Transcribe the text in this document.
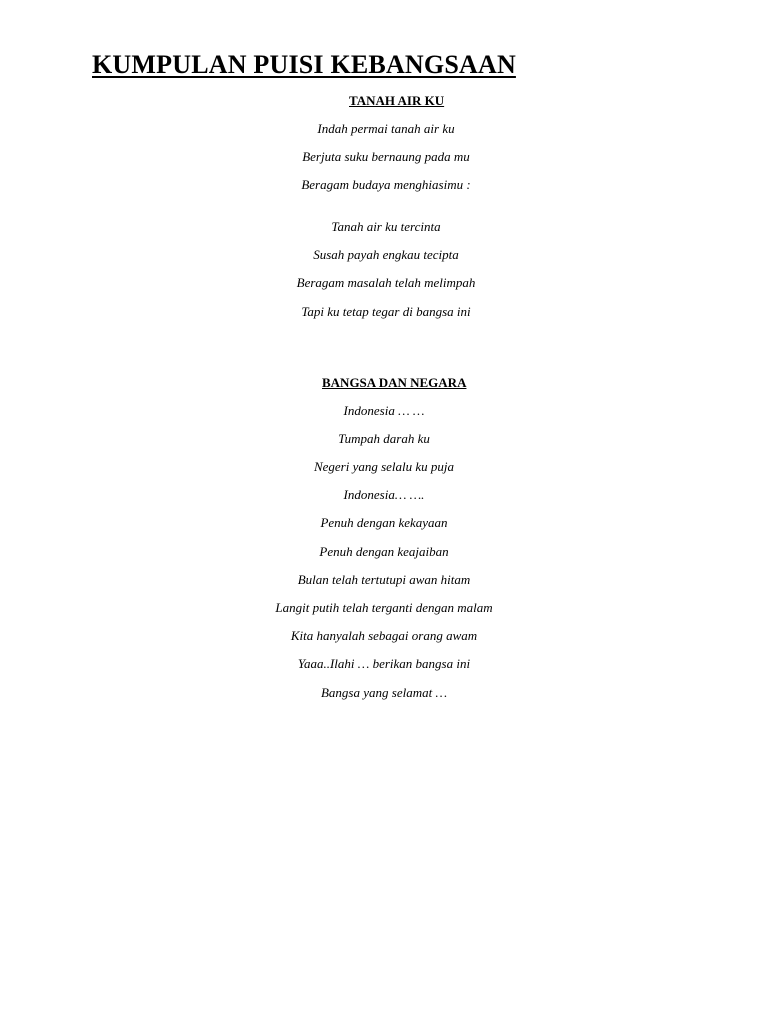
KUMPULAN PUISI KEBANGSAAN
TANAH AIR KU

Indah permai tanah air ku

Berjuta suku bernaung pada mu

Beragam budaya menghiasimu :

Tanah air ku tercinta

Susah payah engkau tecipta

Beragam masalah telah melimpah

Tapi ku tetap tegar di bangsa ini

BANGSA DAN NEGARA

Indonesia … …

Tumpah darah ku

Negeri yang selalu ku puja

Indonesia… ….

Penuh dengan kekayaan

Penuh dengan keajaiban

Bulan telah tertutupi awan hitam

Langit putih telah terganti dengan malam

Kita hanyalah sebagai orang awam

Yaaa..Ilahi … berikan bangsa ini

Bangsa yang selamat …
